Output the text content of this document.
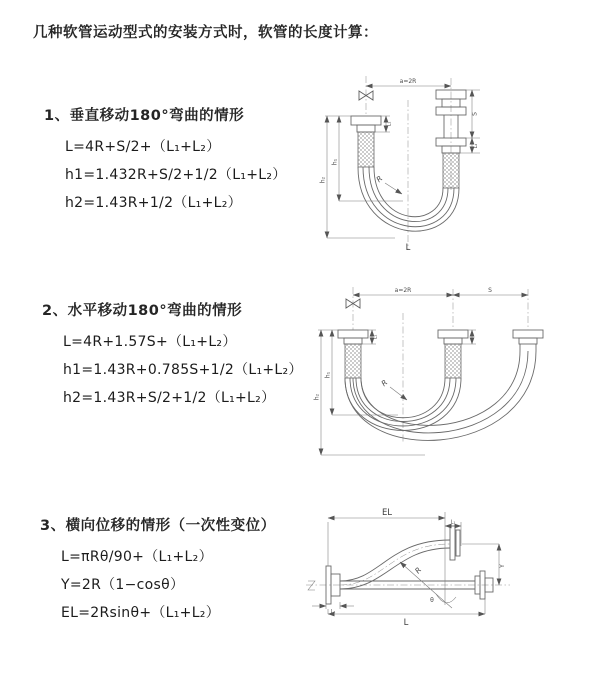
几种软管运动型式的安装方式时，软管的长度计算：
1、垂直移动180°弯曲的情形
L=4R+S/2+（L₁+L₂）
h1=1.432R+S/2+1/2（L₁+L₂）
h2=1.43R+1/2（L₁+L₂）
2、水平移动180°弯曲的情形
L=4R+1.57S+（L₁+L₂）
h1=1.43R+0.785S+1/2（L₁+L₂）
h2=1.43R+S/2+1/2（L₁+L₂）
3、横向位移的情形（一次性变位）
L=πRθ/90+（L₁+L₂）
Y=2R（1−cosθ）
EL=2Rsinθ+（L₁+L₂）
a=2R
h₁
h₂
L₁
S
L₂
R
L
a=2R	S
h₁
h₂
L₁
R
EL
L₁
Y
R
θ
L₁
L
